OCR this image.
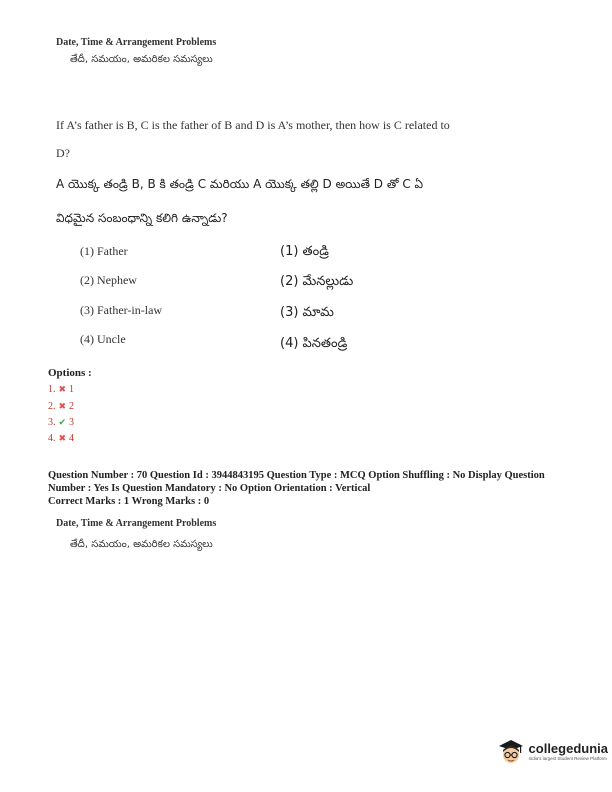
Date, Time & Arrangement Problems
తేదీ, సమయం, అమరికల సమస్యలు
If A’s father is B, C is the father of B and D is A’s mother, then how is C related to
D?
A యొక్క తండ్రి B, B కి తండ్రి C మరియు A యొక్క తల్లి D అయితే D తో C ఏ
విధమైన సంబంధాన్ని కలిగి ఉన్నాడు?
(1) Father
(2) Nephew
(3) Father-in-law
(4) Uncle
(1) తండ్రి
(2) మేనల్లుడు
(3) మామ
(4) పినతండ్రి
Options :
1. ✖ 1
2. ✖ 2
3. ✔ 3
4. ✖ 4
Question Number : 70 Question Id : 3944843195 Question Type : MCQ Option Shuffling : No Display Question
Number : Yes Is Question Mandatory : No Option Orientation : Vertical
Correct Marks : 1 Wrong Marks : 0
Date, Time & Arrangement Problems
తేదీ, సమయం, అమరికల సమస్యలు
collegedunia
India's largest Student Review Platform
